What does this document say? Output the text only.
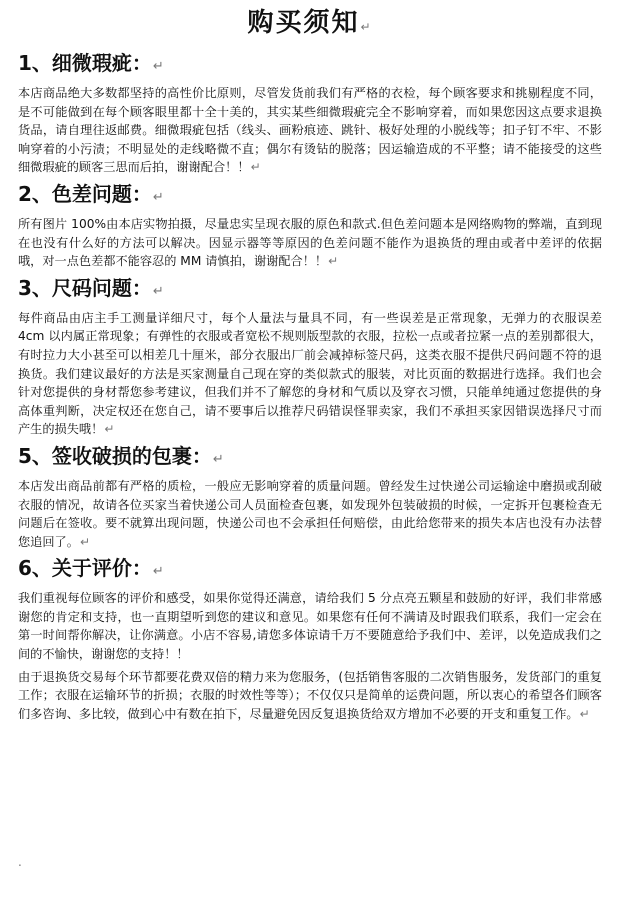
购买须知↵
1、细微瑕疵：↵

本店商品绝大多数都坚持的高性价比原则，尽管发货前我们有严格的衣检，每个顾客要求和挑剔程度不同，是不可能做到在每个顾客眼里都十全十美的，其实某些细微瑕疵完全不影响穿着，而如果您因这点要求退换货品，请自理往返邮费。细微瑕疵包括（线头、画粉痕迹、跳针、极好处理的小脱线等；扣子钉不牢、不影响穿着的小污渍；不明显处的走线略微不直；偶尔有烫钻的脱落；因运输造成的不平整；请不能接受的这些细微瑕疵的顾客三思而后拍，谢谢配合！！↵

2、色差问题：↵

所有图片 100%由本店实物拍摄，尽量忠实呈现衣服的原色和款式.但色差问题本是网络购物的弊端，直到现在也没有什么好的方法可以解决。因显示器等等原因的色差问题不能作为退换货的理由或者中差评的依据哦，对一点色差都不能容忍的 MM 请慎拍，谢谢配合！！↵

3、尺码问题：↵

每件商品由店主手工测量详细尺寸，每个人量法与量具不同，有一些误差是正常现象，无弹力的衣服误差 4cm 以内属正常现象；有弹性的衣服或者宽松不规则版型款的衣服，拉松一点或者拉紧一点的差别都很大，有时拉力大小甚至可以相差几十厘米，部分衣服出厂前会减掉标签尺码，这类衣服不提供尺码问题不符的退换货。我们建议最好的方法是买家测量自己现在穿的类似款式的服装，对比页面的数据进行选择。我们也会针对您提供的身材帮您参考建议，但我们并不了解您的身材和气质以及穿衣习惯，只能单纯通过您提供的身高体重判断，决定权还在您自己，请不要事后以推荐尺码错误怪罪卖家，我们不承担买家因错误选择尺寸而产生的损失哦！↵

5、签收破损的包裹：↵

本店发出商品前都有严格的质检，一般应无影响穿着的质量问题。曾经发生过快递公司运输途中磨损或刮破衣服的情况，故请各位买家当着快递公司人员面检查包裹，如发现外包装破损的时候，一定拆开包裹检查无问题后在签收。要不就算出现问题，快递公司也不会承担任何赔偿，由此给您带来的损失本店也没有办法替您追回了。↵

6、关于评价：↵

我们重视每位顾客的评价和感受，如果你觉得还满意，请给我们 5 分点亮五颗星和鼓励的好评，我们非常感谢您的肯定和支持，也一直期望听到您的建议和意见。如果您有任何不满请及时跟我们联系，我们一定会在第一时间帮你解决，让你满意。小店不容易,请您多体谅请千万不要随意给予我们中、差评，以免造成我们之间的不愉快，谢谢您的支持！！

由于退换货交易每个环节都要花费双倍的精力来为您服务，(包括销售客服的二次销售服务，发货部门的重复工作；衣服在运输环节的折损；衣服的时效性等等）；不仅仅只是简单的运费问题，所以衷心的希望各们顾客们多咨询、多比较，做到心中有数在拍下，尽量避免因反复退换货给双方增加不必要的开支和重复工作。↵

.
